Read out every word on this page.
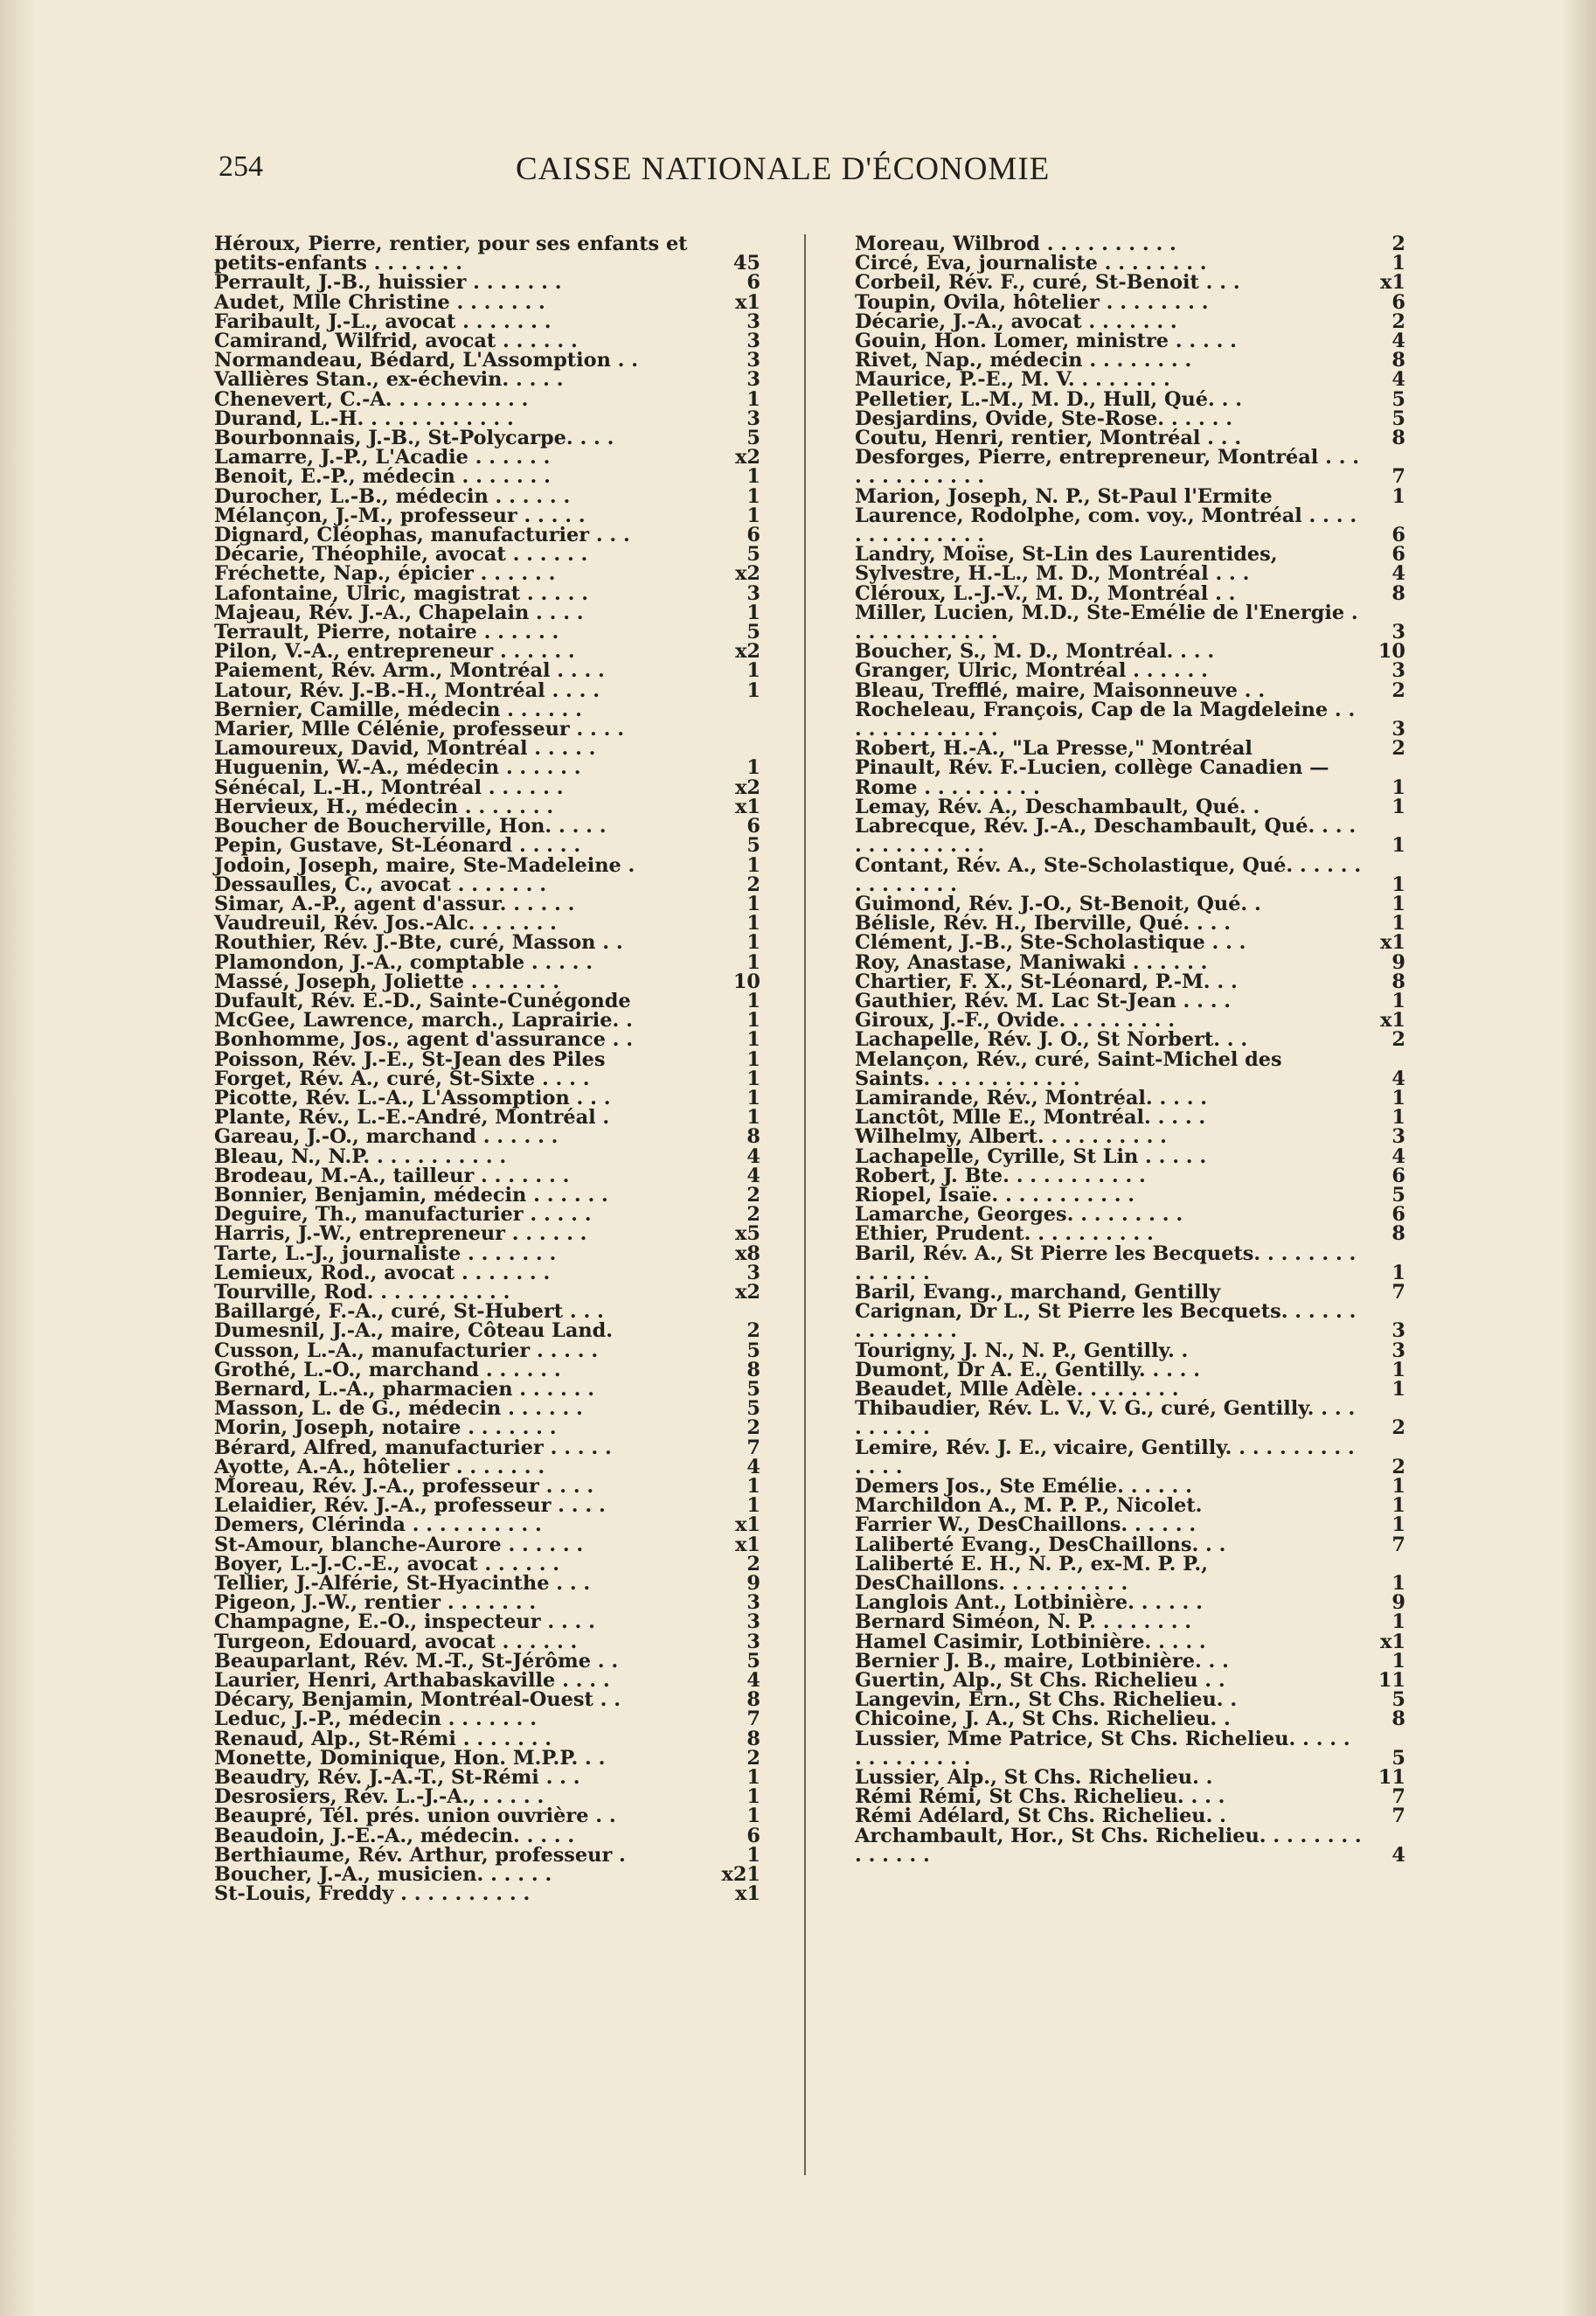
254	CAISSE NATIONALE D'ÉCONOMIE
Héroux, Pierre, rentier, pour ses enfants et petits-enfants . . . . . . .	45
Perrault, J.-B., huissier . . . . . . .	6
Audet, Mlle Christine . . . . . . .	x1
Faribault, J.-L., avocat . . . . . . .	3
Camirand, Wilfrid, avocat . . . . . .	3
Normandeau, Bédard, L'Assomption . .	3
Vallières Stan., ex-échevin. . . . .	3
Chenevert, C.-A. . . . . . . . . . .	1
Durand, L.-H. . . . . . . . . . . .	3
Bourbonnais, J.-B., St-Polycarpe. . . .	5
Lamarre, J.-P., L'Acadie . . . . . .	x2
Benoit, E.-P., médecin . . . . . . .	1
Durocher, L.-B., médecin . . . . . .	1
Mélançon, J.-M., professeur . . . . .	1
Dignard, Cléophas, manufacturier . . .	6
Décarie, Théophile, avocat . . . . . .	5
Fréchette, Nap., épicier . . . . . .	x2
Lafontaine, Ulric, magistrat . . . . .	3
Majeau, Rév. J.-A., Chapelain . . . .	1
Terrault, Pierre, notaire . . . . . .	5
Pilon, V.-A., entrepreneur . . . . . .	x2
Paiement, Rév. Arm., Montréal . . . .	1
Latour, Rév. J.-B.-H., Montréal . . . .	1
Bernier, Camille, médecin . . . . . .
Marier, Mlle Célénie, professeur . . . .
Lamoureux, David, Montréal . . . . .
Huguenin, W.-A., médecin . . . . . .	1
Sénécal, L.-H., Montréal . . . . . .	x2
Hervieux, H., médecin . . . . . . .	x1
Boucher de Boucherville, Hon. . . . .	6
Pepin, Gustave, St-Léonard . . . . .	5
Jodoin, Joseph, maire, Ste-Madeleine .	1
Dessaulles, C., avocat . . . . . . .	2
Simar, A.-P., agent d'assur. . . . . .	1
Vaudreuil, Rév. Jos.-Alc. . . . . . .	1
Routhier, Rév. J.-Bte, curé, Masson . .	1
Plamondon, J.-A., comptable . . . . .	1
Massé, Joseph, Joliette . . . . . . .	10
Dufault, Rév. E.-D., Sainte-Cunégonde	1
McGee, Lawrence, march., Laprairie. .	1
Bonhomme, Jos., agent d'assurance . .	1
Poisson, Rév. J.-E., St-Jean des Piles	1
Forget, Rév. A., curé, St-Sixte . . . .	1
Picotte, Rév. L.-A., L'Assomption . . .	1
Plante, Rév., L.-E.-André, Montréal .	1
Gareau, J.-O., marchand . . . . . .	8
Bleau, N., N.P. . . . . . . . . . .	4
Brodeau, M.-A., tailleur . . . . . . .	4
Bonnier, Benjamin, médecin . . . . . .	2
Deguire, Th., manufacturier . . . . .	2
Harris, J.-W., entrepreneur . . . . . .	x5
Tarte, L.-J., journaliste . . . . . . .	x8
Lemieux, Rod., avocat . . . . . . .	3
Tourville, Rod. . . . . . . . . . .	x2
Baillargé, F.-A., curé, St-Hubert . . .
Dumesnil, J.-A., maire, Côteau Land.	2
Cusson, L.-A., manufacturier . . . . .	5
Grothé, L.-O., marchand . . . . . .	8
Bernard, L.-A., pharmacien . . . . . .	5
Masson, L. de G., médecin . . . . . .	5
Morin, Joseph, notaire . . . . . . .	2
Bérard, Alfred, manufacturier . . . . .	7
Ayotte, A.-A., hôtelier . . . . . . .	4
Moreau, Rév. J.-A., professeur . . . .	1
Lelaidier, Rév. J.-A., professeur . . . .	1
Demers, Clérinda . . . . . . . . . .	x1
St-Amour, blanche-Aurore . . . . . .	x1
Boyer, L.-J.-C.-E., avocat . . . . . .	2
Tellier, J.-Alférie, St-Hyacinthe . . .	9
Pigeon, J.-W., rentier . . . . . . .	3
Champagne, E.-O., inspecteur . . . .	3
Turgeon, Edouard, avocat . . . . . .	3
Beauparlant, Rév. M.-T., St-Jérôme . .	5
Laurier, Henri, Arthabaskaville . . . .	4
Décary, Benjamin, Montréal-Ouest . .	8
Leduc, J.-P., médecin . . . . . . .	7
Renaud, Alp., St-Rémi . . . . . . .	8
Monette, Dominique, Hon. M.P.P. . .	2
Beaudry, Rév. J.-A.-T., St-Rémi . . .	1
Desrosiers, Rév. L.-J.-A., . . . . .	1
Beaupré, Tél. prés. union ouvrière . .	1
Beaudoin, J.-E.-A., médecin. . . . .	6
Berthiaume, Rév. Arthur, professeur .	1
Boucher, J.-A., musicien. . . . . .	x21
St-Louis, Freddy . . . . . . . . . .	x1
Moreau, Wilbrod . . . . . . . . . .	2
Circé, Eva, journaliste . . . . . . . .	1
Corbeil, Rév. F., curé, St-Benoit . . .	x1
Toupin, Ovila, hôtelier . . . . . . . .	6
Décarie, J.-A., avocat . . . . . . .	2
Gouin, Hon. Lomer, ministre . . . . .	4
Rivet, Nap., médecin . . . . . . . .	8
Maurice, P.-E., M. V. . . . . . . .	4
Pelletier, L.-M., M. D., Hull, Qué. . .	5
Desjardins, Ovide, Ste-Rose. . . . . .	5
Coutu, Henri, rentier, Montréal . . .	8
Desforges, Pierre, entrepreneur, Montréal . . . . . . . . . . . . .	7
Marion, Joseph, N. P., St-Paul l'Ermite	1
Laurence, Rodolphe, com. voy., Montréal . . . . . . . . . . . . . .	6
Landry, Moïse, St-Lin des Laurentides,	6
Sylvestre, H.-L., M. D., Montréal . . .	4
Cléroux, L.-J.-V., M. D., Montréal . .	8
Miller, Lucien, M.D., Ste-Emélie de l'Energie . . . . . . . . . . . .	3
Boucher, S., M. D., Montréal. . . .	10
Granger, Ulric, Montréal . . . . . .	3
Bleau, Trefflé, maire, Maisonneuve . .	2
Rocheleau, François, Cap de la Magdeleine . . . . . . . . . . . . .	3
Robert, H.-A., "La Presse," Montréal	2
Pinault, Rév. F.-Lucien, collège Canadien — Rome . . . . . . . . .	1
Lemay, Rév. A., Deschambault, Qué. .	1
Labrecque, Rév. J.-A., Deschambault, Qué. . . . . . . . . . . . . .	1
Contant, Rév. A., Ste-Scholastique, Qué. . . . . . . . . . . . . .	1
Guimond, Rév. J.-O., St-Benoit, Qué. .	1
Bélisle, Rév. H., Iberville, Qué. . . .	1
Clément, J.-B., Ste-Scholastique . . .	x1
Roy, Anastase, Maniwaki . . . . . .	9
Chartier, F. X., St-Léonard, P.-M. . .	8
Gauthier, Rév. M. Lac St-Jean . . . .	1
Giroux, J.-F., Ovide. . . . . . . . .	x1
Lachapelle, Rév. J. O., St Norbert. . .	2
Melançon, Rév., curé, Saint-Michel des Saints. . . . . . . . . . . .	4
Lamirande, Rév., Montréal. . . . .	1
Lanctôt, Mlle E., Montréal. . . . .	1
Wilhelmy, Albert. . . . . . . . . .	3
Lachapelle, Cyrille, St Lin . . . . .	4
Robert, J. Bte. . . . . . . . . . .	6
Riopel, Isaïe. . . . . . . . . . .	5
Lamarche, Georges. . . . . . . . .	6
Ethier, Prudent. . . . . . . . . .	8
Baril, Rév. A., St Pierre les Becquets. . . . . . . . . . . . . .	1
Baril, Evang., marchand, Gentilly	7
Carignan, Dr L., St Pierre les Becquets. . . . . . . . . . . . . .	3
Tourigny, J. N., N. P., Gentilly. .	3
Dumont, Dr A. E., Gentilly. . . . .	1
Beaudet, Mlle Adèle. . . . . . . .	1
Thibaudier, Rév. L. V., V. G., curé, Gentilly. . . . . . . . . .	2
Lemire, Rév. J. E., vicaire, Gentilly. . . . . . . . . . . . . .	2
Demers Jos., Ste Emélie. . . . . .	1
Marchildon A., M. P. P., Nicolet.	1
Farrier W., DesChaillons. . . . . .	1
Laliberté Evang., DesChaillons. . .	7
Laliberté E. H., N. P., ex-M. P. P., DesChaillons. . . . . . . . . .	1
Langlois Ant., Lotbinière. . . . . .	9
Bernard Siméon, N. P. . . . . . . .	1
Hamel Casimir, Lotbinière. . . . .	x1
Bernier J. B., maire, Lotbinière. . .	1
Guertin, Alp., St Chs. Richelieu . .	11
Langevin, Ern., St Chs. Richelieu. .	5
Chicoine, J. A., St Chs. Richelieu. .	8
Lussier, Mme Patrice, St Chs. Richelieu. . . . . . . . . . . . . .	5
Lussier, Alp., St Chs. Richelieu. .	11
Rémi Rémi, St Chs. Richelieu. . . .	7
Rémi Adélard, St Chs. Richelieu. .	7
Archambault, Hor., St Chs. Richelieu. . . . . . . . . . . . . .	4
